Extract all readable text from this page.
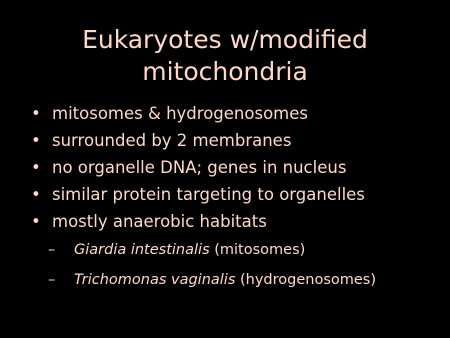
Eukaryotes w/modified
mitochondria
• mitosomes & hydrogenosomes
• surrounded by 2 membranes
• no organelle DNA; genes in nucleus
• similar protein targeting to organelles
• mostly anaerobic habitats
– Giardia intestinalis (mitosomes)
– Trichomonas vaginalis (hydrogenosomes)
